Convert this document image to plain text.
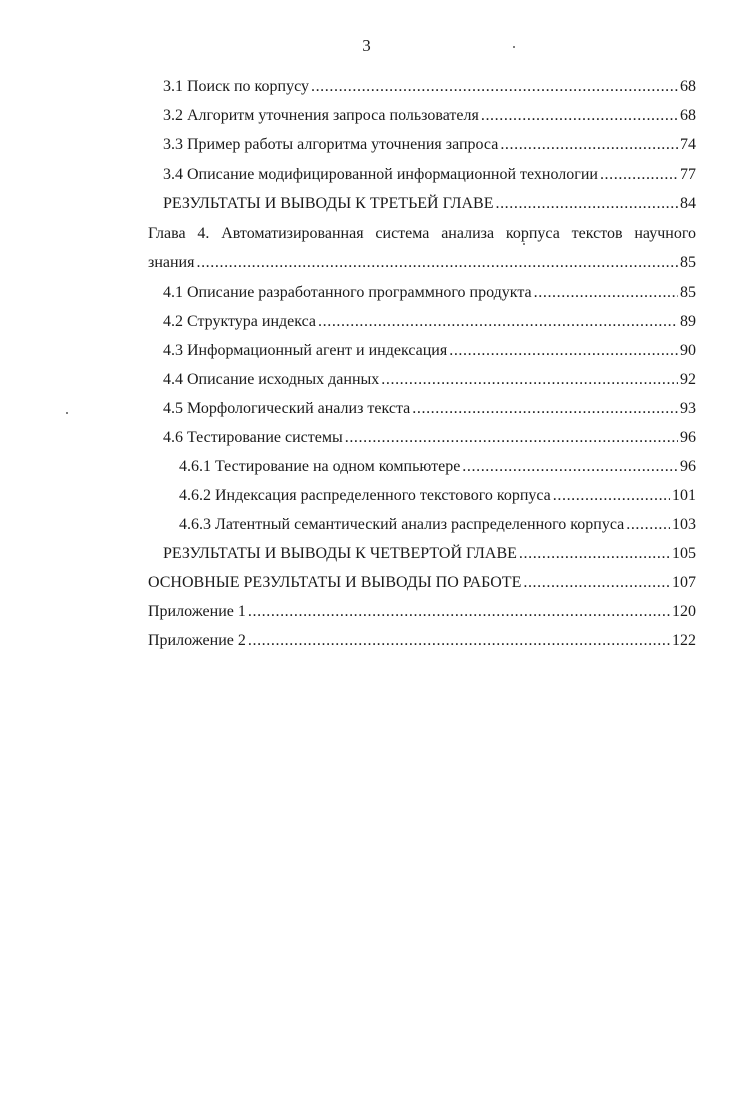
3
3.1 Поиск по корпусу .....	68
3.2 Алгоритм уточнения запроса пользователя .....	68
3.3 Пример работы алгоритма уточнения запроса .....	74
3.4 Описание модифицированной информационной технологии .....	77
РЕЗУЛЬТАТЫ И ВЫВОДЫ К ТРЕТЬЕЙ ГЛАВЕ .....	84
Глава 4. Автоматизированная система анализа корпуса текстов научного
знания .....	85
4.1 Описание разработанного программного продукта .....	85
4.2 Структура индекса .....	89
4.3 Информационный агент и индексация .....	90
4.4 Описание исходных данных .....	92
4.5 Морфологический анализ текста .....	93
4.6 Тестирование системы .....	96
4.6.1 Тестирование на одном компьютере .....	96
4.6.2 Индексация распределенного текстового корпуса .....	101
4.6.3 Латентный семантический анализ распределенного корпуса .....	103
РЕЗУЛЬТАТЫ И ВЫВОДЫ К ЧЕТВЕРТОЙ ГЛАВЕ .....	105
ОСНОВНЫЕ РЕЗУЛЬТАТЫ И ВЫВОДЫ ПО РАБОТЕ .....	107
Приложение 1 .....	120
Приложение 2 .....	122
